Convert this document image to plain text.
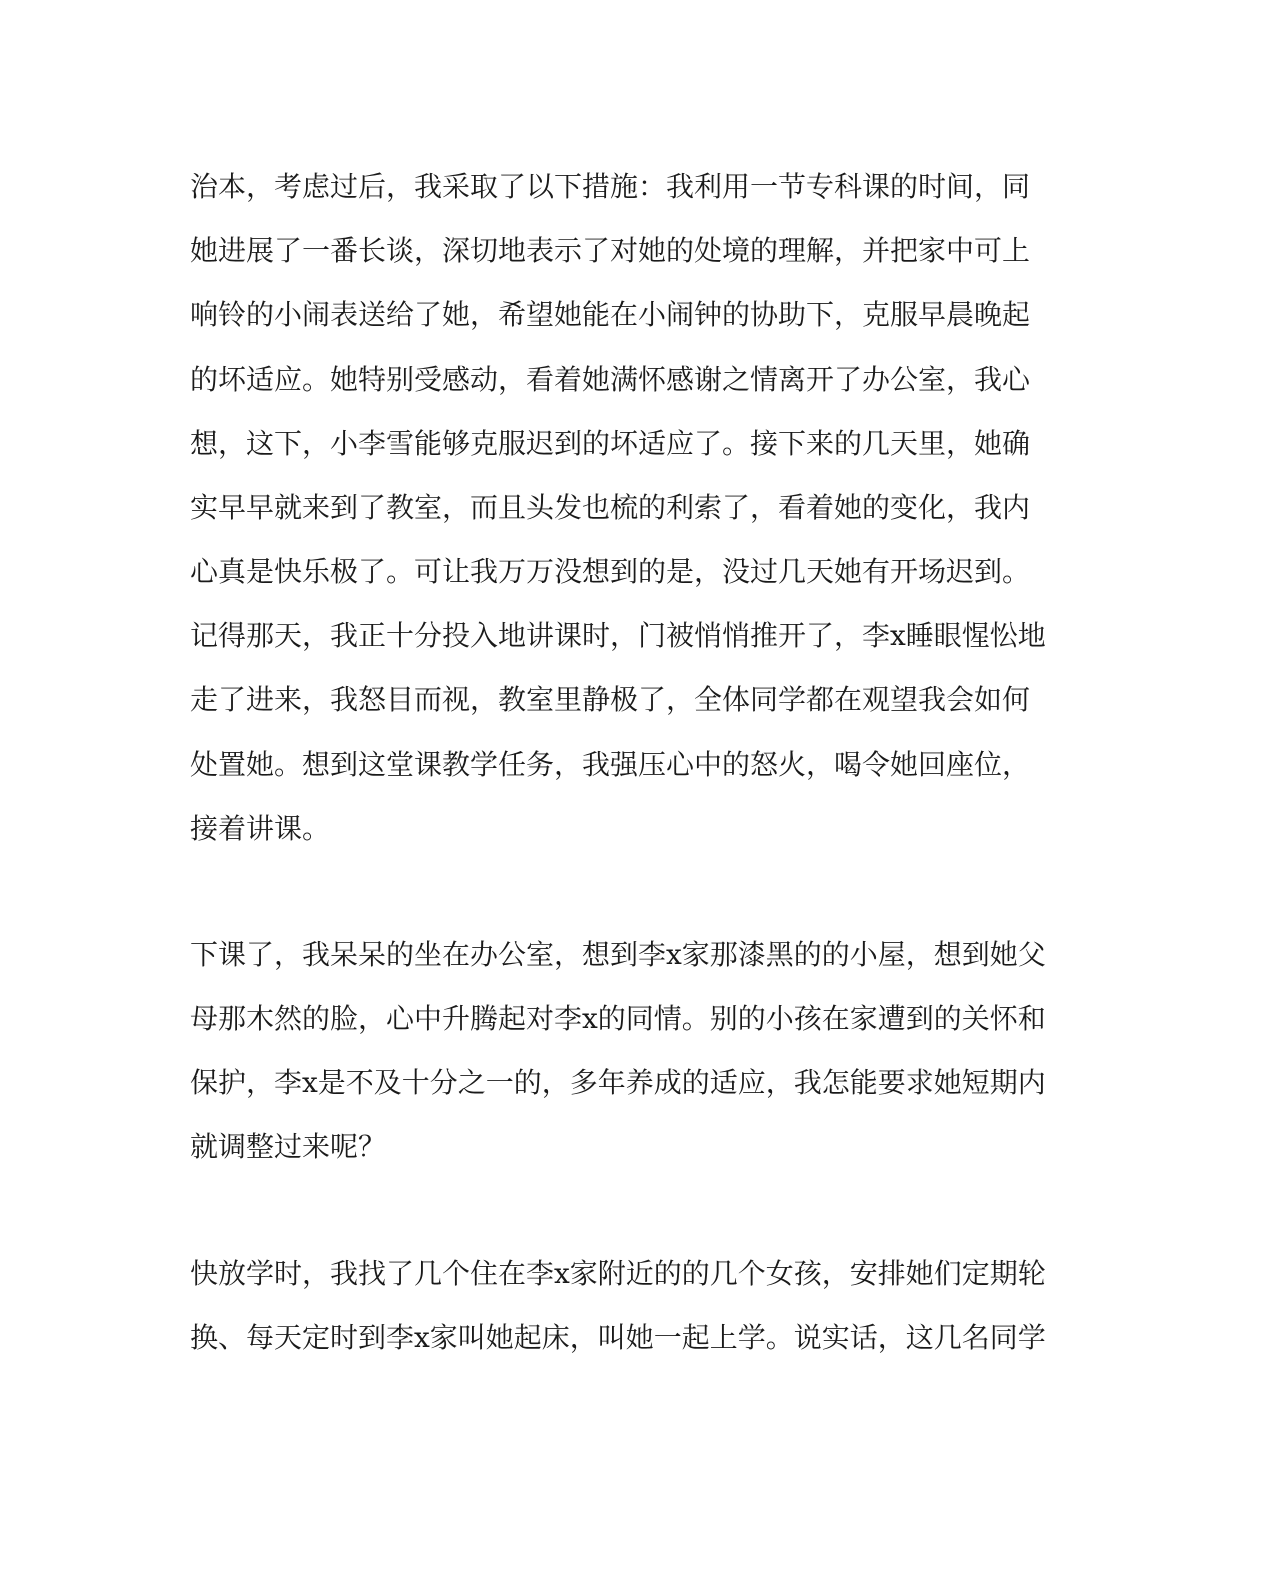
治本，考虑过后，我采取了以下措施：我利用一节专科课的时间，同
她进展了一番长谈，深切地表示了对她的处境的理解，并把家中可上
响铃的小闹表送给了她，希望她能在小闹钟的协助下，克服早晨晚起
的坏适应。她特别受感动，看着她满怀感谢之情离开了办公室，我心
想，这下，小李雪能够克服迟到的坏适应了。接下来的几天里，她确
实早早就来到了教室，而且头发也梳的利索了，看着她的变化，我内
心真是快乐极了。可让我万万没想到的是，没过几天她有开场迟到。
记得那天，我正十分投入地讲课时，门被悄悄推开了，李x睡眼惺忪地
走了进来，我怒目而视，教室里静极了，全体同学都在观望我会如何
处置她。想到这堂课教学任务，我强压心中的怒火，喝令她回座位，
接着讲课。
下课了，我呆呆的坐在办公室，想到李x家那漆黑的的小屋，想到她父
母那木然的脸，心中升腾起对李x的同情。别的小孩在家遭到的关怀和
保护，李x是不及十分之一的，多年养成的适应，我怎能要求她短期内
就调整过来呢？
快放学时，我找了几个住在李x家附近的的几个女孩，安排她们定期轮
换、每天定时到李x家叫她起床，叫她一起上学。说实话，这几名同学
